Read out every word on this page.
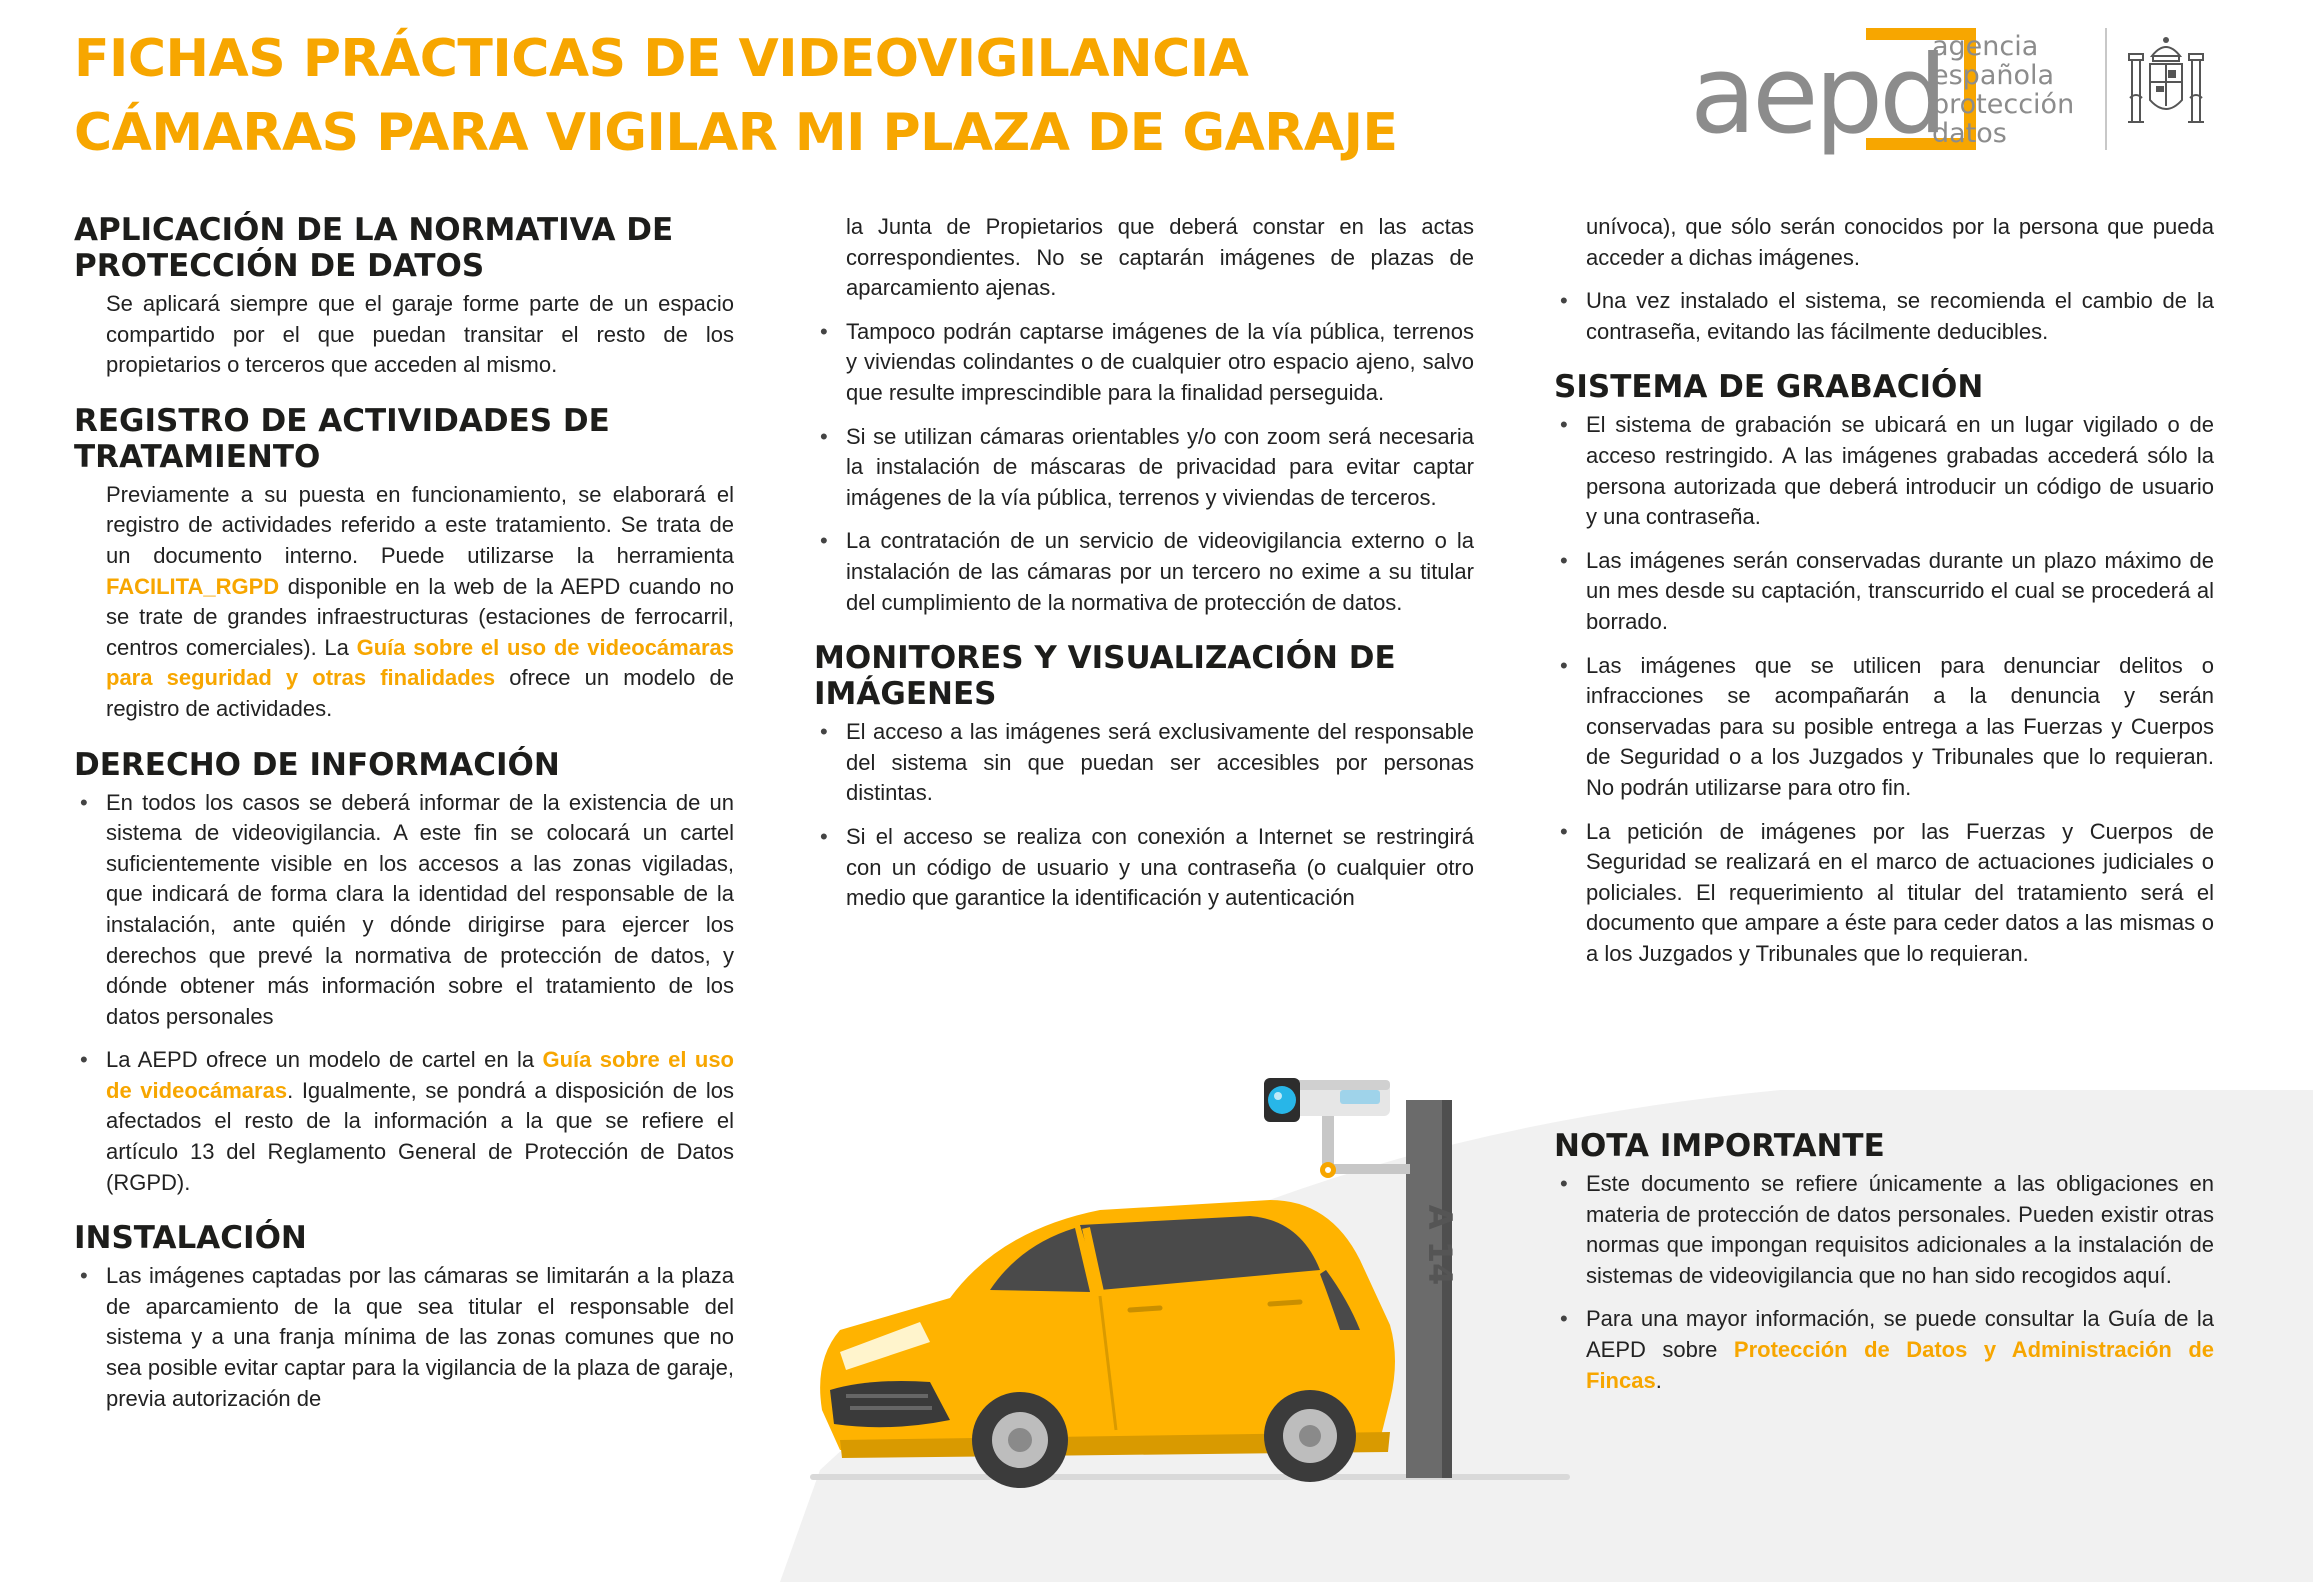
FICHAS PRÁCTICAS DE VIDEOVIGILANCIA
CÁMARAS PARA VIGILAR MI PLAZA DE GARAJE	aepd
agencia
española
protección
datos
APLICACIÓN DE LA NORMATIVA DE
PROTECCIÓN DE DATOS

Se aplicará siempre que el garaje forme parte de un espacio compartido por el que puedan transitar el resto de los propietarios o terceros que acceden al mismo.

REGISTRO DE ACTIVIDADES DE
TRATAMIENTO

Previamente a su puesta en funcionamiento, se elaborará el registro de actividades referido a este tratamiento. Se trata de un documento interno. Puede utilizarse la herramienta FACILITA_RGPD disponible en la web de la AEPD cuando no se trate de grandes infraestructuras (estaciones de ferrocarril, centros comerciales). La Guía sobre el uso de videocámaras para seguridad y otras finalidades ofrece un modelo de registro de actividades.

DERECHO DE INFORMACIÓN
• En todos los casos se deberá informar de la existencia de un sistema de videovigilancia. A este fin se colocará un cartel suficientemente visible en los accesos a las zonas vigiladas, que indicará de forma clara la identidad del responsable de la instalación, ante quién y dónde dirigirse para ejercer los derechos que prevé la normativa de protección de datos, y dónde obtener más información sobre el tratamiento de los datos personales
• La AEPD ofrece un modelo de cartel en la Guía sobre el uso de videocámaras. Igualmente, se pondrá a disposición de los afectados el resto de la información a la que se refiere el artículo 13 del Reglamento General de Protección de Datos (RGPD).
INSTALACIÓN
• Las imágenes captadas por las cámaras se limitarán a la plaza de aparcamiento de la que sea titular el responsable del sistema y a una franja mínima de las zonas comunes que no sea posible evitar captar para la vigilancia de la plaza de garaje, previa autorización de
la Junta de Propietarios que deberá constar en las actas correspondientes. No se captarán imágenes de plazas de aparcamiento ajenas.
• Tampoco podrán captarse imágenes de la vía pública, terrenos y viviendas colindantes o de cualquier otro espacio ajeno, salvo que resulte imprescindible para la finalidad perseguida.
• Si se utilizan cámaras orientables y/o con zoom será necesaria la instalación de máscaras de privacidad para evitar captar imágenes de la vía pública, terrenos y viviendas de terceros.
• La contratación de un servicio de videovigilancia externo o la instalación de las cámaras por un tercero no exime a su titular del cumplimiento de la normativa de protección de datos.
MONITORES Y VISUALIZACIÓN DE
IMÁGENES
• El acceso a las imágenes será exclusivamente del responsable del sistema sin que puedan ser accesibles por personas distintas.
• Si el acceso se realiza con conexión a Internet se restringirá con un código de usuario y una contraseña (o cualquier otro medio que garantice la identificación y autenticación
unívoca), que sólo serán conocidos por la persona que pueda acceder a dichas imágenes.
• Una vez instalado el sistema, se recomienda el cambio de la contraseña, evitando las fácilmente deducibles.
SISTEMA DE GRABACIÓN
• El sistema de grabación se ubicará en un lugar vigilado o de acceso restringido. A las imágenes grabadas accederá sólo la persona autorizada que deberá introducir un código de usuario y una contraseña.
• Las imágenes serán conservadas durante un plazo máximo de un mes desde su captación, transcurrido el cual se procederá al borrado.
• Las imágenes que se utilicen para denunciar delitos o infracciones se acompañarán a la denuncia y serán conservadas para su posible entrega a las Fuerzas y Cuerpos de Seguridad o a los Juzgados y Tribunales que lo requieran. No podrán utilizarse para otro fin.
• La petición de imágenes por las Fuerzas y Cuerpos de Seguridad se realizará en el marco de actuaciones judiciales o policiales. El requerimiento al titular del tratamiento será el documento que ampare a éste para ceder datos a las mismas o a los Juzgados y Tribunales que lo requieran.
A 14
NOTA IMPORTANTE
• Este documento se refiere únicamente a las obligaciones en materia de protección de datos personales. Pueden existir otras normas que impongan requisitos adicionales a la instalación de sistemas de videovigilancia que no han sido recogidos aquí.
• Para una mayor información, se puede consultar la Guía de la AEPD sobre Protección de Datos y Administración de Fincas.
